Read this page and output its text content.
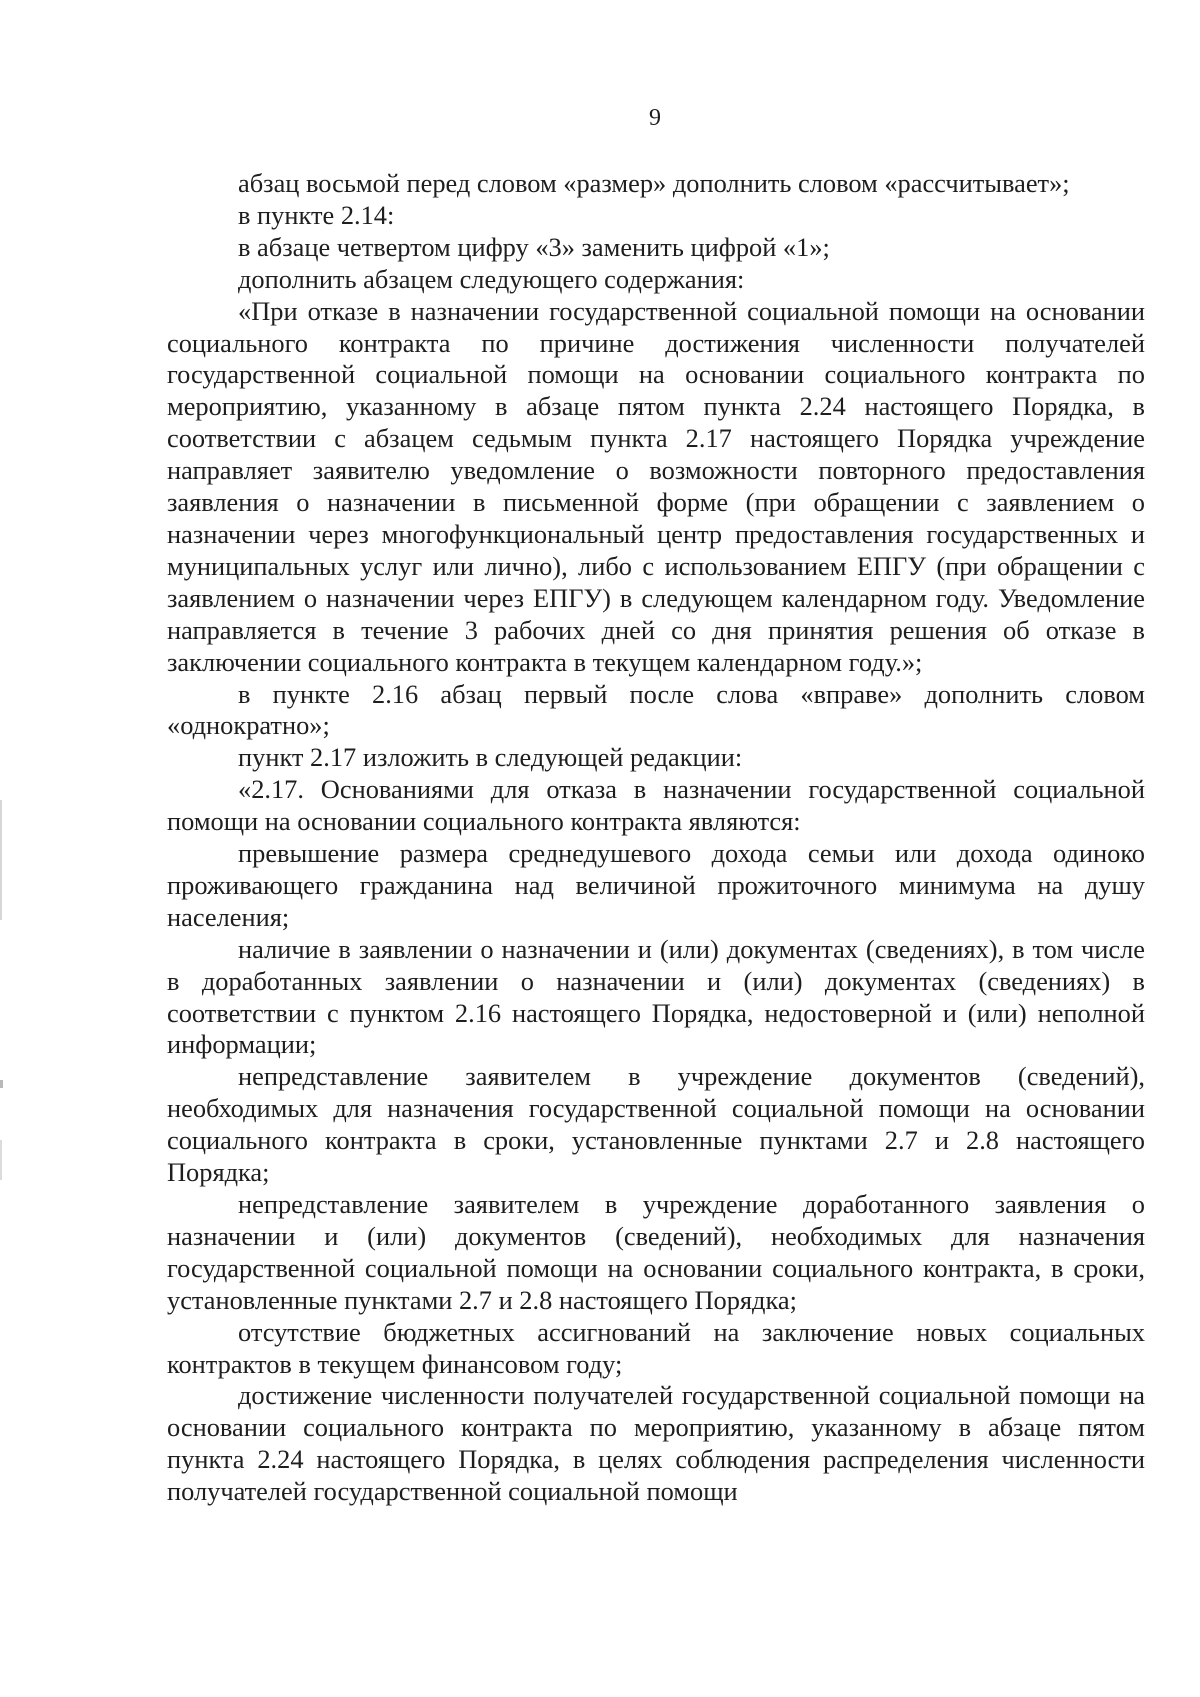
9

абзац восьмой перед словом «размер» дополнить словом «рассчитывает»;

в пункте 2.14:

в абзаце четвертом цифру «3» заменить цифрой «1»;

дополнить абзацем следующего содержания:

«При отказе в назначении государственной социальной помощи на основании социального контракта по причине достижения численности получателей государственной социальной помощи на основании социального контракта по мероприятию, указанному в абзаце пятом пункта 2.24 настоящего Порядка, в соответствии с абзацем седьмым пункта 2.17 настоящего Порядка учреждение направляет заявителю уведомление о возможности повторного предоставления заявления о назначении в письменной форме (при обращении с заявлением о назначении через многофункциональный центр предоставления государственных и муниципальных услуг или лично), либо с использованием ЕПГУ (при обращении с заявлением о назначении через ЕПГУ) в следующем календарном году. Уведомление направляется в течение 3 рабочих дней со дня принятия решения об отказе в заключении социального контракта в текущем календарном году.»;

в пункте 2.16 абзац первый после слова «вправе» дополнить словом «однократно»;

пункт 2.17 изложить в следующей редакции:

«2.17. Основаниями для отказа в назначении государственной социальной помощи на основании социального контракта являются:

превышение размера среднедушевого дохода семьи или дохода одиноко проживающего гражданина над величиной прожиточного минимума на душу населения;

наличие в заявлении о назначении и (или) документах (сведениях), в том числе в доработанных заявлении о назначении и (или) документах (сведениях) в соответствии с пунктом 2.16 настоящего Порядка, недостоверной и (или) неполной информации;

непредставление заявителем в учреждение документов (сведений), необходимых для назначения государственной социальной помощи на основании социального контракта в сроки, установленные пунктами 2.7 и 2.8 настоящего Порядка;

непредставление заявителем в учреждение доработанного заявления о назначении и (или) документов (сведений), необходимых для назначения государственной социальной помощи на основании социального контракта, в сроки, установленные пунктами 2.7 и 2.8 настоящего Порядка;

отсутствие бюджетных ассигнований на заключение новых социальных контрактов в текущем финансовом году;

достижение численности получателей государственной социальной помощи на основании социального контракта по мероприятию, указанному в абзаце пятом пункта 2.24 настоящего Порядка, в целях соблюдения распределения численности получателей государственной социальной помощи
